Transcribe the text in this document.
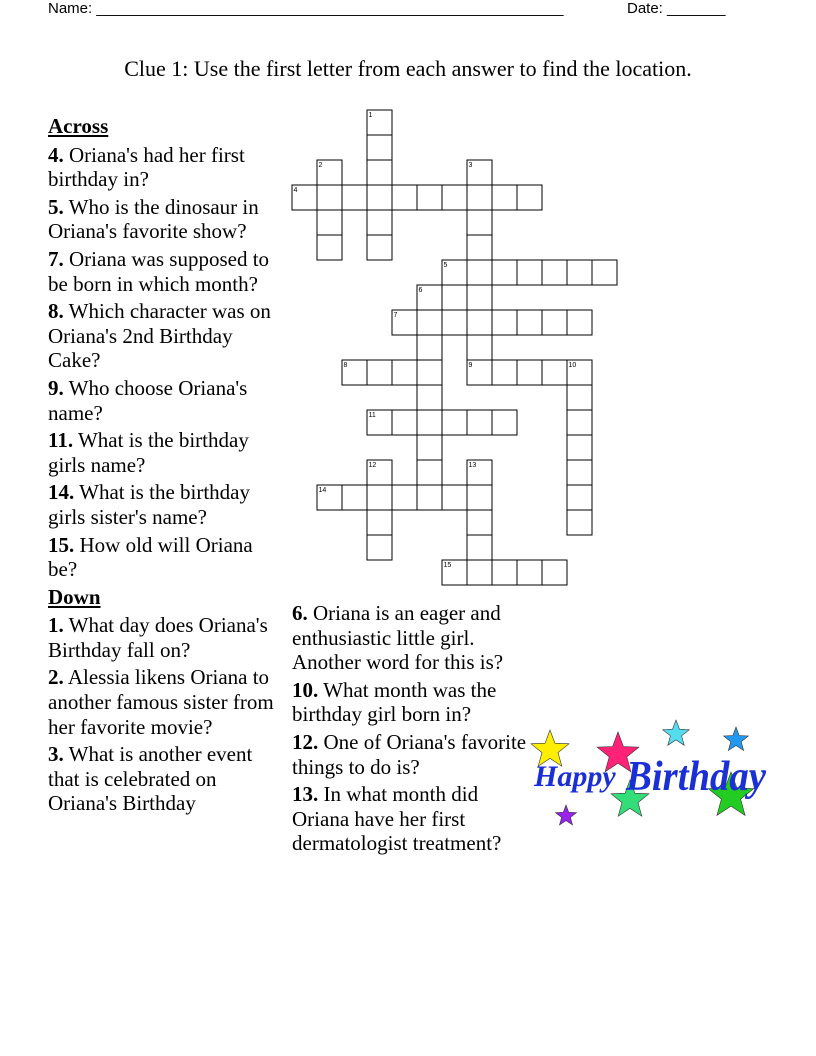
Name: ________________________________________________________	Date: _______
Clue 1: Use the first letter from each answer to find the location.
Across
4. Oriana's had her first birthday in?
5. Who is the dinosaur in Oriana's favorite show?
7. Oriana was supposed to be born in which month?
8. Which character was on Oriana's 2nd Birthday Cake?
9. Who choose Oriana's name?
11. What is the birthday girls name?
14. What is the birthday girls sister's name?
15. How old will Oriana be?
Down
1. What day does Oriana's Birthday fall on?
2. Alessia likens Oriana to another famous sister from her favorite movie?
3. What is another event that is celebrated on Oriana's Birthday
6. Oriana is an eager and enthusiastic little girl. Another word for this is?
10. What month was the birthday girl born in?
12. One of Oriana's favorite things to do is?
13. In what month did Oriana have her first dermatologist treatment?
1
2	3
4
5
6
7
8	9	10
11
12	13
14
15
Happy Birthday
